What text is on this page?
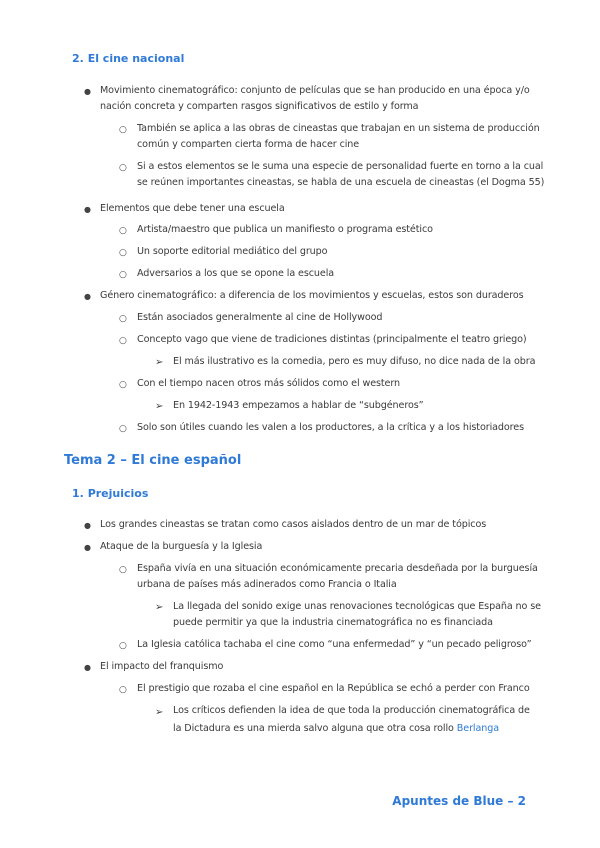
2. El cine nacional
● Movimiento cinematográfico: conjunto de películas que se han producido en una época y/o
nación concreta y comparten rasgos significativos de estilo y forma
○ También se aplica a las obras de cineastas que trabajan en un sistema de producción
común y comparten cierta forma de hacer cine
○ Si a estos elementos se le suma una especie de personalidad fuerte en torno a la cual
se reúnen importantes cineastas, se habla de una escuela de cineastas (el Dogma 55)
● Elementos que debe tener una escuela
○ Artista/maestro que publica un manifiesto o programa estético
○ Un soporte editorial mediático del grupo
○ Adversarios a los que se opone la escuela
● Género cinematográfico: a diferencia de los movimientos y escuelas, estos son duraderos
○ Están asociados generalmente al cine de Hollywood
○ Concepto vago que viene de tradiciones distintas (principalmente el teatro griego)
➢ El más ilustrativo es la comedia, pero es muy difuso, no dice nada de la obra
○ Con el tiempo nacen otros más sólidos como el western
➢ En 1942-1943 empezamos a hablar de “subgéneros”
○ Solo son útiles cuando les valen a los productores, a la crítica y a los historiadores
Tema 2 – El cine español
1. Prejuicios
● Los grandes cineastas se tratan como casos aislados dentro de un mar de tópicos
● Ataque de la burguesía y la Iglesia
○ España vivía en una situación económicamente precaria desdeñada por la burguesía
urbana de países más adinerados como Francia o Italia
➢ La llegada del sonido exige unas renovaciones tecnológicas que España no se
puede permitir ya que la industria cinematográfica no es financiada
○ La Iglesia católica tachaba el cine como “una enfermedad” y “un pecado peligroso”
● El impacto del franquismo
○ El prestigio que rozaba el cine español en la República se echó a perder con Franco
➢ Los críticos defienden la idea de que toda la producción cinematográfica de
la Dictadura es una mierda salvo alguna que otra cosa rollo Berlanga
Apuntes de Blue – 2
